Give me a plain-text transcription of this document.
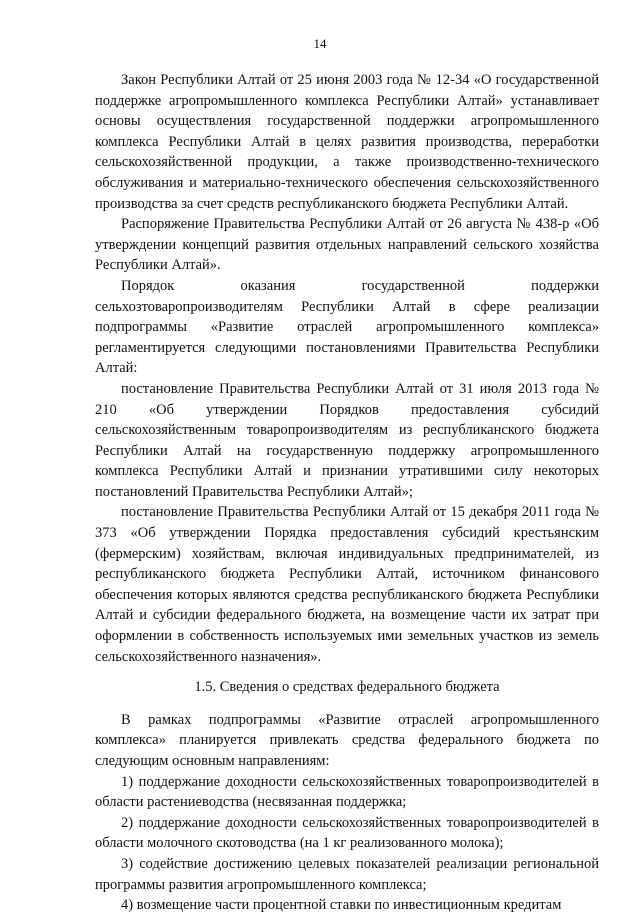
14

Закон Республики Алтай от 25 июня 2003 года № 12-34 «О государственной поддержке агропромышленного комплекса Республики Алтай» устанавливает основы осуществления государственной поддержки агропромышленного комплекса Республики Алтай в целях развития производства, переработки сельскохозяйственной продукции, а также производственно-технического обслуживания и материально-технического обеспечения сельскохозяйственного производства за счет средств республиканского бюджета Республики Алтай.

Распоряжение Правительства Республики Алтай от 26 августа № 438-р «Об утверждении концепций развития отдельных направлений сельского хозяйства Республики Алтай».

Порядок оказания государственной поддержки сельхозтоваропроизводителям Республики Алтай в сфере реализации подпрограммы «Развитие отраслей агропромышленного комплекса» регламентируется следующими постановлениями Правительства Республики Алтай:

постановление Правительства Республики Алтай от 31 июля 2013 года № 210 «Об утверждении Порядков предоставления субсидий сельскохозяйственным товаропроизводителям из республиканского бюджета Республики Алтай на государственную поддержку агропромышленного комплекса Республики Алтай и признании утратившими силу некоторых постановлений Правительства Республики Алтай»;

постановление Правительства Республики Алтай от 15 декабря 2011 года № 373 «Об утверждении Порядка предоставления субсидий крестьянским (фермерским) хозяйствам, включая индивидуальных предпринимателей, из республиканского бюджета Республики Алтай, источником финансового обеспечения которых являются средства республиканского бюджета Республики Алтай и субсидии федерального бюджета, на возмещение части их затрат при оформлении в собственность используемых ими земельных участков из земель сельскохозяйственного назначения».

1.5. Сведения о средствах федерального бюджета

В рамках подпрограммы «Развитие отраслей агропромышленного комплекса» планируется привлекать средства федерального бюджета по следующим основным направлениям:

1) поддержание доходности сельскохозяйственных товаропроизводителей в области растениеводства (несвязанная поддержка;

2) поддержание доходности сельскохозяйственных товаропроизводителей в области молочного скотоводства (на 1 кг реализованного молока);

3) содействие достижению целевых показателей реализации региональной программы развития агропромышленного комплекса;

4) возмещение части процентной ставки по инвестиционным кредитам
